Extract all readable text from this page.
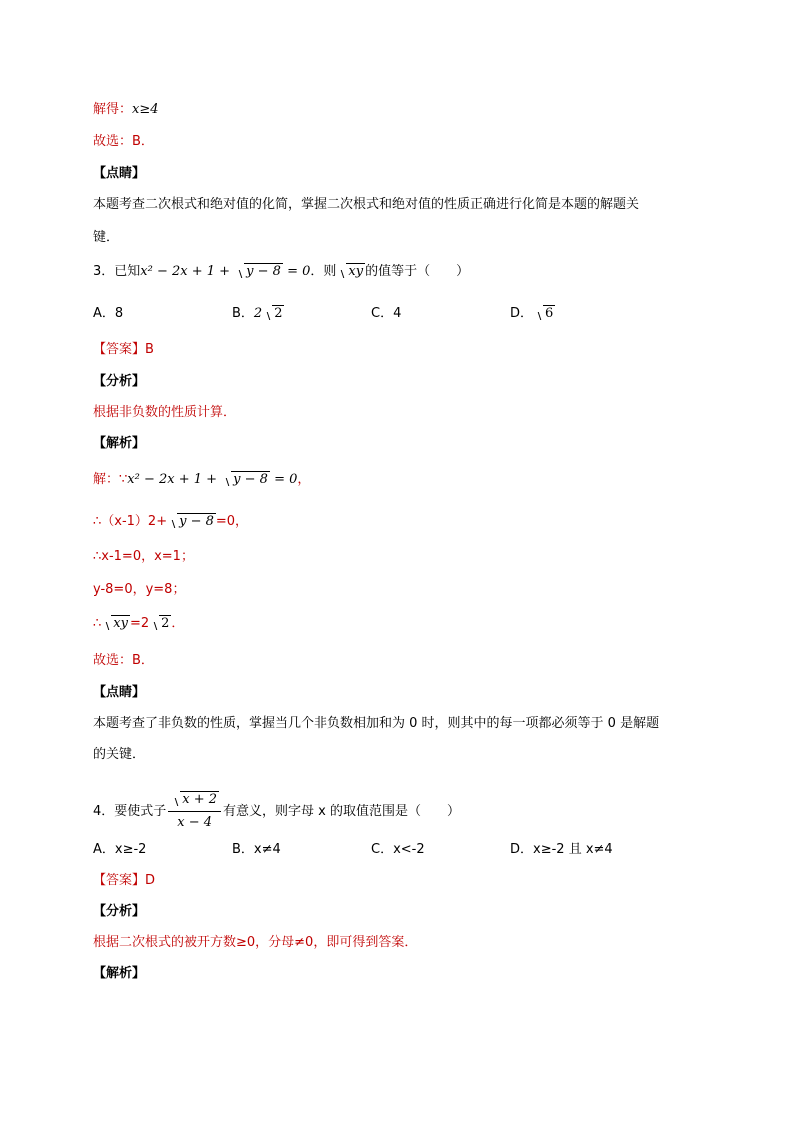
解得：x≥4
故选：B．
【点睛】
本题考查二次根式和绝对值的化简，掌握二次根式和绝对值的性质正确进行化简是本题的解题关
键．
3．已知x² − 2x + 1 + y − 8 = 0．则 xy 的值等于（　　）
A．8	B．2 2	C．4	D． 6
【答案】B
【分析】
根据非负数的性质计算．
【解析】
解：∵x² − 2x + 1 + y − 8 = 0，
∴（x-1）2+ y − 8 =0，
∴x-1=0，x=1；
y-8=0，y=8；
∴ xy =2 2 ．
故选：B．
【点睛】
本题考查了非负数的性质，掌握当几个非负数相加和为 0 时，则其中的每一项都必须等于 0 是解题
的关键．
4．要使式子 $\frac{x + 2}{x - 4}$ 有意义，则字母 x 的取值范围是（　　）
A．x≥-2	B．x≠4	C．x<-2	D．x≥-2 且 x≠4
【答案】D
【分析】
根据二次根式的被开方数≥0，分母≠0，即可得到答案．
【解析】
